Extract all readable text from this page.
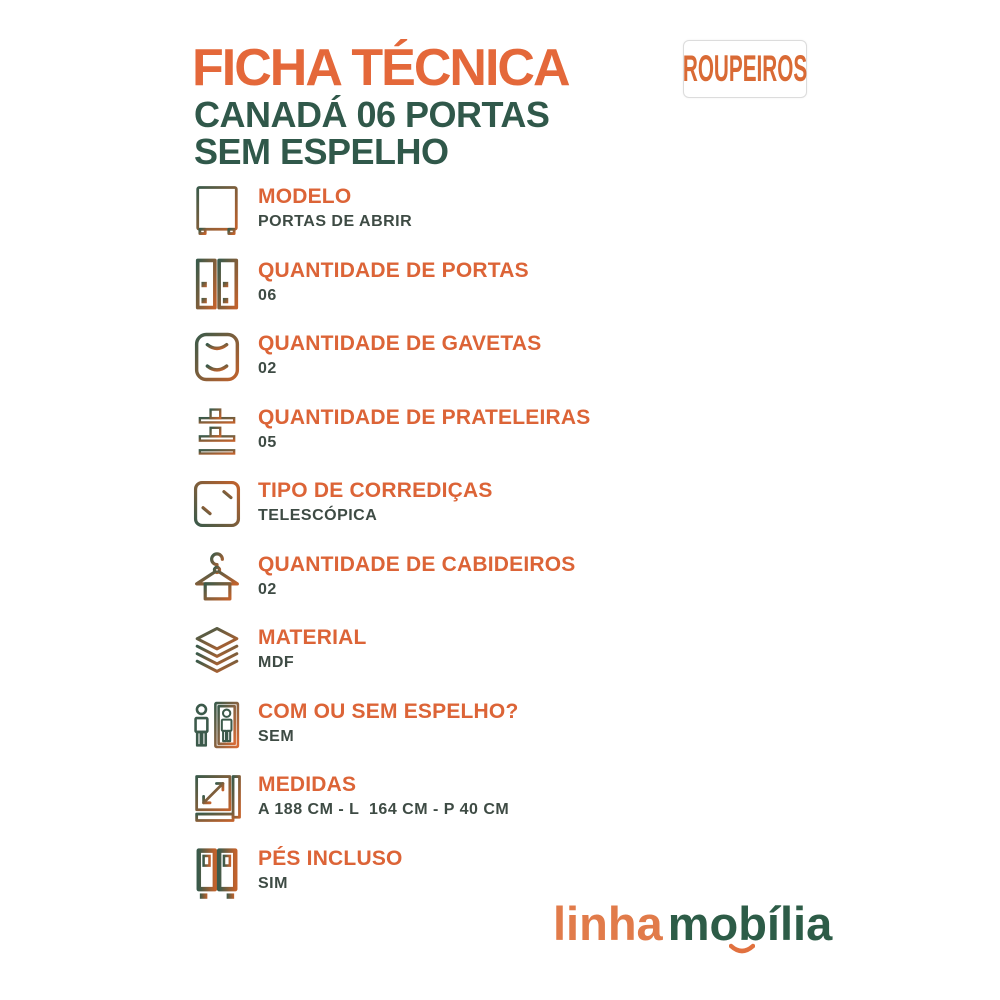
FICHA TÉCNICA
CANADÁ 06 PORTAS
SEM ESPELHO
ROUPEIROS
MODELO
PORTAS DE ABRIR
QUANTIDADE DE PORTAS
06
QUANTIDADE DE GAVETAS
02
QUANTIDADE DE PRATELEIRAS
05
TIPO DE CORREDIÇAS
TELESCÓPICA
QUANTIDADE DE CABIDEIROS
02
MATERIAL
MDF
COM OU SEM ESPELHO?
SEM
MEDIDAS
A 188 CM - L  164 CM - P 40 CM
PÉS INCLUSO
SIM
linha mobília
